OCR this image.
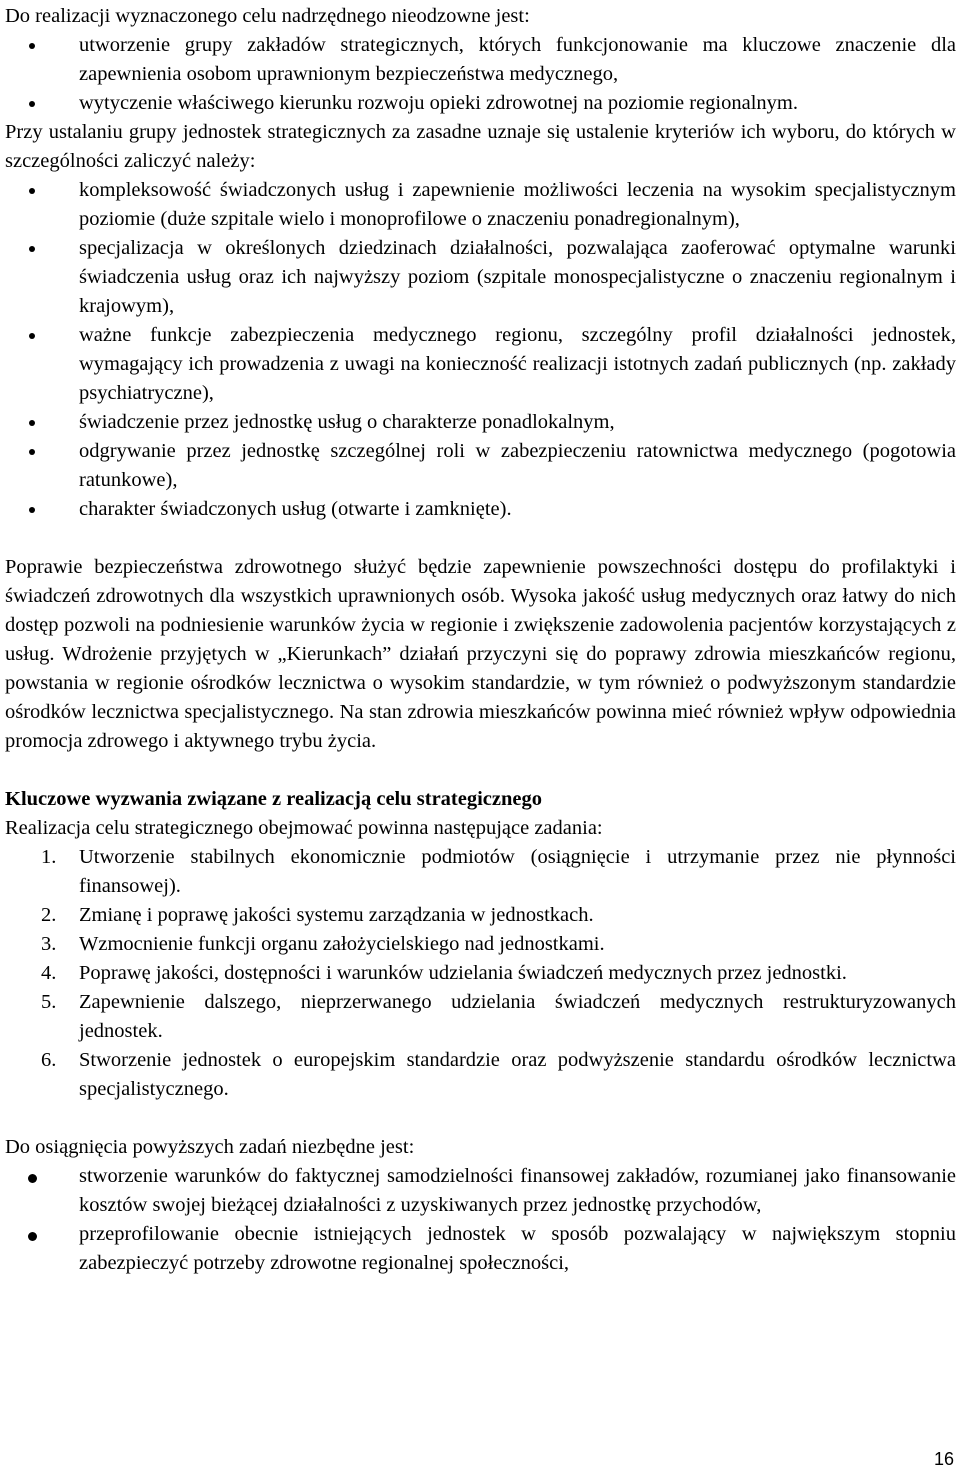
Do realizacji wyznaczonego celu nadrzędnego nieodzowne jest:

utworzenie grupy zakładów strategicznych, których funkcjonowanie ma kluczowe znaczenie dla zapewnienia osobom uprawnionym bezpieczeństwa medycznego,
wytyczenie właściwego kierunku rozwoju opieki zdrowotnej na poziomie regionalnym.

Przy ustalaniu grupy jednostek strategicznych za zasadne uznaje się ustalenie kryteriów ich wyboru, do których w szczególności zaliczyć należy:

kompleksowość świadczonych usług i zapewnienie możliwości leczenia na wysokim specjalistycznym poziomie (duże szpitale wielo i monoprofilowe o znaczeniu ponadregionalnym),
specjalizacja w określonych dziedzinach działalności, pozwalająca zaoferować optymalne warunki świadczenia usług oraz ich najwyższy poziom (szpitale monospecjalistyczne o znaczeniu regionalnym i krajowym),
ważne funkcje zabezpieczenia medycznego regionu, szczególny profil działalności jednostek, wymagający ich prowadzenia z uwagi na konieczność realizacji istotnych zadań publicznych (np. zakłady psychiatryczne),
świadczenie przez jednostkę usług o charakterze ponadlokalnym,
odgrywanie przez jednostkę szczególnej roli w zabezpieczeniu ratownictwa medycznego (pogotowia ratunkowe),
charakter świadczonych usług (otwarte i zamknięte).

Poprawie bezpieczeństwa zdrowotnego służyć będzie zapewnienie powszechności dostępu do profilaktyki i świadczeń zdrowotnych dla wszystkich uprawnionych osób. Wysoka jakość usług medycznych oraz łatwy do nich dostęp pozwoli na podniesienie warunków życia w regionie i zwiększenie zadowolenia pacjentów korzystających z usług. Wdrożenie przyjętych w „Kierunkach” działań przyczyni się do poprawy zdrowia mieszkańców regionu, powstania w regionie ośrodków lecznictwa o wysokim standardzie, w tym również o podwyższonym standardzie ośrodków lecznictwa specjalistycznego. Na stan zdrowia mieszkańców powinna mieć również wpływ odpowiednia promocja zdrowego i aktywnego trybu życia.

Kluczowe wyzwania związane z realizacją celu strategicznego

Realizacja celu strategicznego obejmować powinna następujące zadania:

1. Utworzenie stabilnych ekonomicznie podmiotów (osiągnięcie i utrzymanie przez nie płynności finansowej).
2. Zmianę i poprawę jakości systemu zarządzania w jednostkach.
3. Wzmocnienie funkcji organu założycielskiego nad jednostkami.
4. Poprawę jakości, dostępności i warunków udzielania świadczeń medycznych przez jednostki.
5. Zapewnienie dalszego, nieprzerwanego udzielania świadczeń medycznych restrukturyzowanych jednostek.
6. Stworzenie jednostek o europejskim standardzie oraz podwyższenie standardu ośrodków lecznictwa specjalistycznego.

Do osiągnięcia powyższych zadań niezbędne jest:

stworzenie warunków do faktycznej samodzielności finansowej zakładów, rozumianej jako finansowanie kosztów swojej bieżącej działalności z uzyskiwanych przez jednostkę przychodów,
przeprofilowanie obecnie istniejących jednostek w sposób pozwalający w największym stopniu zabezpieczyć potrzeby zdrowotne regionalnej społeczności,
16
